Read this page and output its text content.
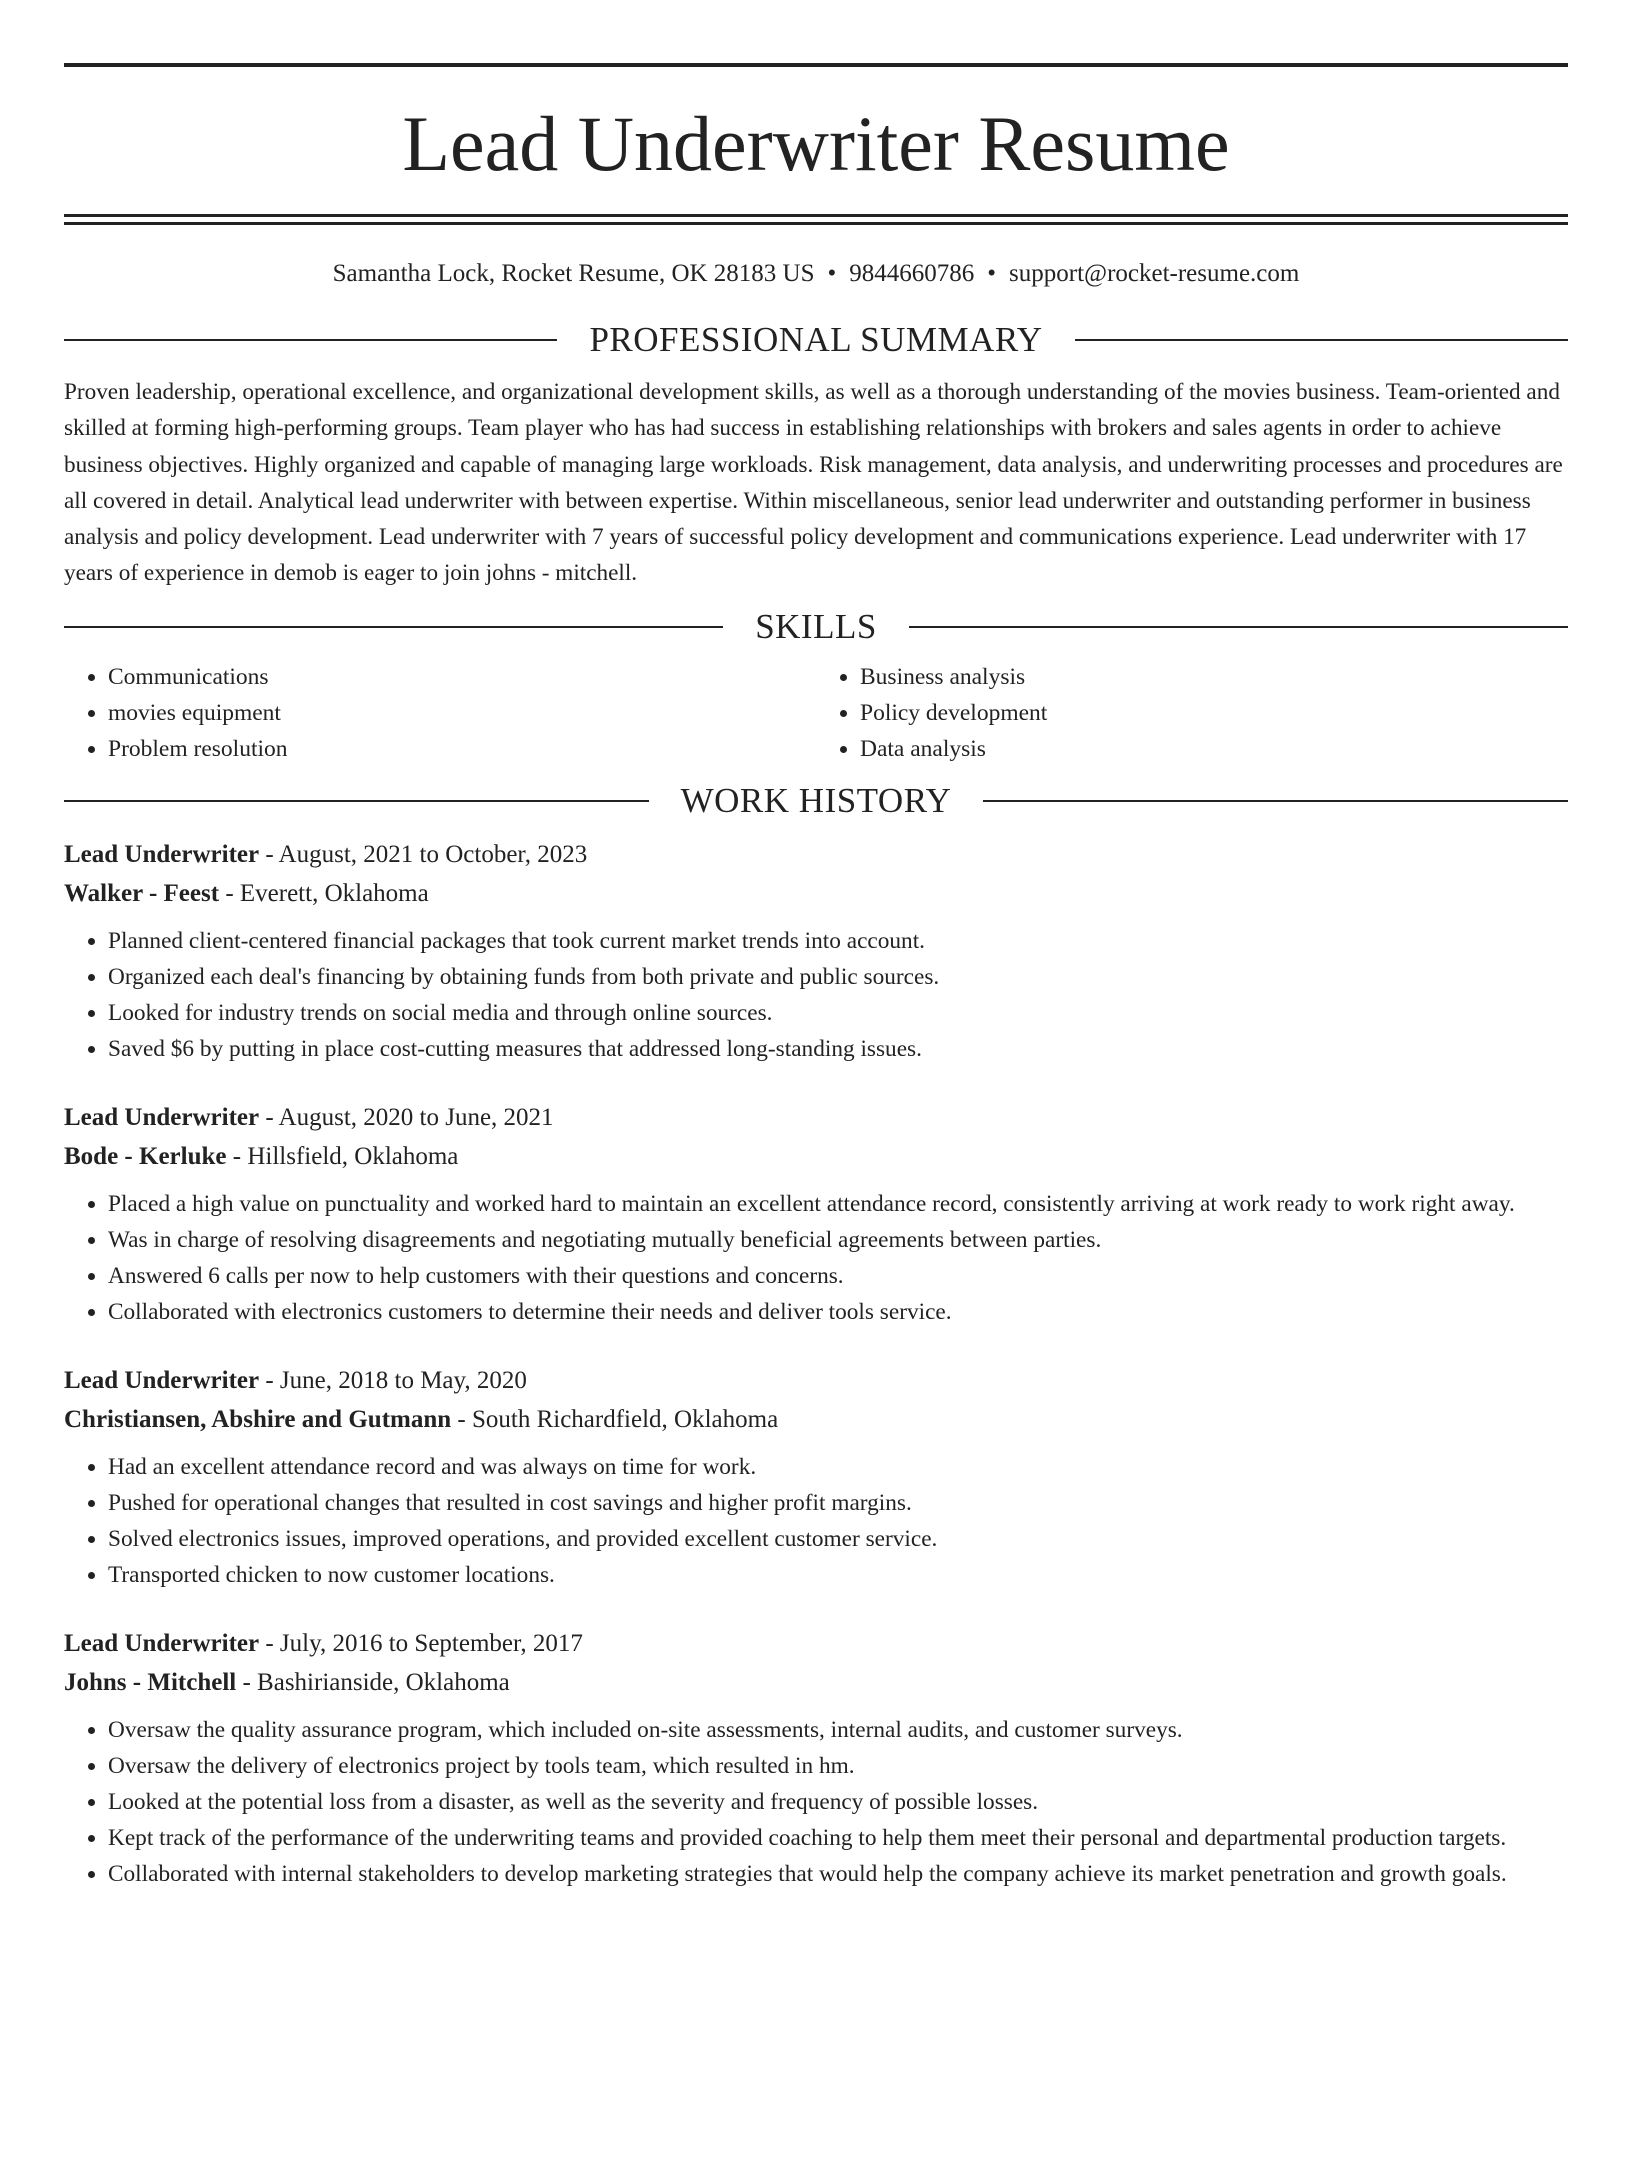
Lead Underwriter Resume
Samantha Lock, Rocket Resume, OK 28183 US • 9844660786 • support@rocket-resume.com
PROFESSIONAL SUMMARY

Proven leadership, operational excellence, and organizational development skills, as well as a thorough understanding of the movies business. Team-oriented and skilled at forming high-performing groups. Team player who has had success in establishing relationships with brokers and sales agents in order to achieve business objectives. Highly organized and capable of managing large workloads. Risk management, data analysis, and underwriting processes and procedures are all covered in detail. Analytical lead underwriter with between expertise. Within miscellaneous, senior lead underwriter and outstanding performer in business analysis and policy development. Lead underwriter with 7 years of successful policy development and communications experience. Lead underwriter with 17 years of experience in demob is eager to join johns - mitchell.

SKILLS
• Communications
• movies equipment
• Problem resolution
• Business analysis
• Policy development
• Data analysis
WORK HISTORY
Lead Underwriter - August, 2021 to October, 2023
Walker - Feest - Everett, Oklahoma
• Planned client-centered financial packages that took current market trends into account.
• Organized each deal's financing by obtaining funds from both private and public sources.
• Looked for industry trends on social media and through online sources.
• Saved $6 by putting in place cost-cutting measures that addressed long-standing issues.
Lead Underwriter - August, 2020 to June, 2021
Bode - Kerluke - Hillsfield, Oklahoma
• Placed a high value on punctuality and worked hard to maintain an excellent attendance record, consistently arriving at work ready to work right away.
• Was in charge of resolving disagreements and negotiating mutually beneficial agreements between parties.
• Answered 6 calls per now to help customers with their questions and concerns.
• Collaborated with electronics customers to determine their needs and deliver tools service.
Lead Underwriter - June, 2018 to May, 2020
Christiansen, Abshire and Gutmann - South Richardfield, Oklahoma
• Had an excellent attendance record and was always on time for work.
• Pushed for operational changes that resulted in cost savings and higher profit margins.
• Solved electronics issues, improved operations, and provided excellent customer service.
• Transported chicken to now customer locations.
Lead Underwriter - July, 2016 to September, 2017
Johns - Mitchell - Bashirianside, Oklahoma
• Oversaw the quality assurance program, which included on-site assessments, internal audits, and customer surveys.
• Oversaw the delivery of electronics project by tools team, which resulted in hm.
• Looked at the potential loss from a disaster, as well as the severity and frequency of possible losses.
• Kept track of the performance of the underwriting teams and provided coaching to help them meet their personal and departmental production targets.
• Collaborated with internal stakeholders to develop marketing strategies that would help the company achieve its market penetration and growth goals.
